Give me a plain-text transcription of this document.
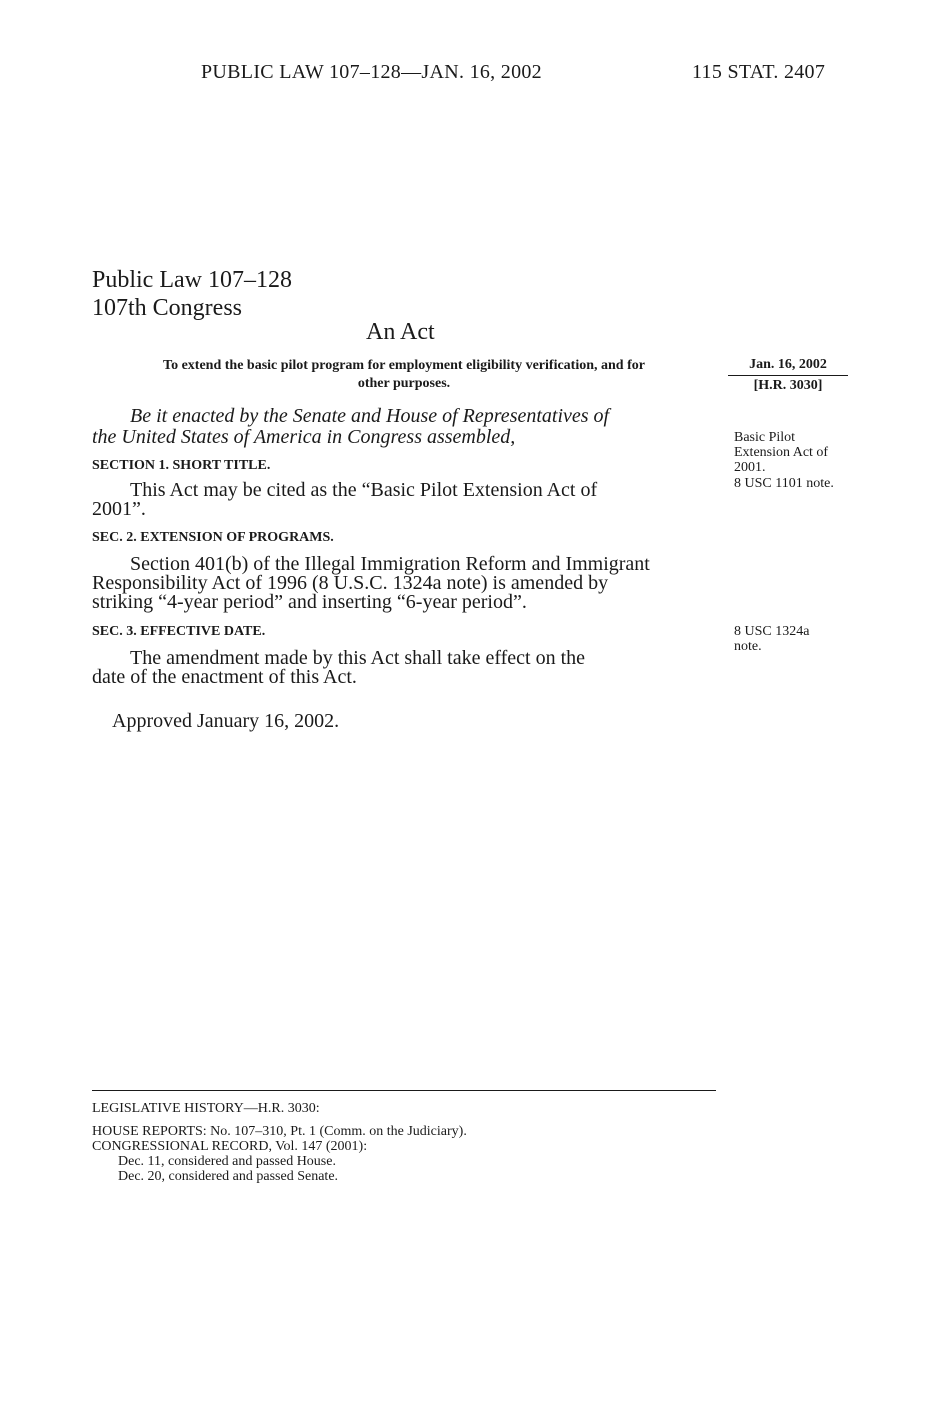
PUBLIC LAW 107–128—JAN. 16, 2002	115 STAT. 2407
Public Law 107–128
107th Congress
An Act
To extend the basic pilot program for employment eligibility verification, and for
other purposes.
Jan. 16, 2002
[H.R. 3030]
Be it enacted by the Senate and House of Representatives of
the United States of America in Congress assembled,	Basic Pilot
Extension Act of
2001.
8 USC 1101 note.
SECTION 1. SHORT TITLE.
This Act may be cited as the “Basic Pilot Extension Act of
2001”.
SEC. 2. EXTENSION OF PROGRAMS.
Section 401(b) of the Illegal Immigration Reform and Immigrant
Responsibility Act of 1996 (8 U.S.C. 1324a note) is amended by
striking “4-year period” and inserting “6-year period”.
SEC. 3. EFFECTIVE DATE.	8 USC 1324a
note.
The amendment made by this Act shall take effect on the
date of the enactment of this Act.
Approved January 16, 2002.
LEGISLATIVE HISTORY—H.R. 3030:
HOUSE REPORTS: No. 107–310, Pt. 1 (Comm. on the Judiciary).
CONGRESSIONAL RECORD, Vol. 147 (2001):
Dec. 11, considered and passed House.
Dec. 20, considered and passed Senate.
